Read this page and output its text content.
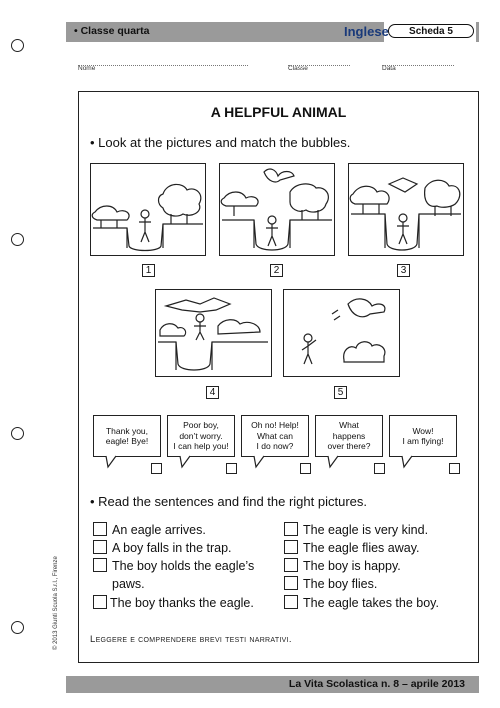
• Classe quarta	Inglese	Scheda 5
Nome	Classe	Data
A HELPFUL ANIMAL
• Look at the pictures and match the bubbles.
1	2	3
4	5
Thank you,
eagle! Bye!
Poor boy,
don’t worry.
I can help you!
Oh no! Help!
What can
I do now?
What
happens
over there?
Wow!
I am flying!
• Read the sentences and find the right pictures.
An eagle arrives.
A boy falls in the trap.
The boy holds the eagle’s
paws.
The boy thanks the eagle.
The eagle is very kind.
The eagle flies away.
The boy is happy.
The boy flies.
The eagle takes the boy.
Leggere e comprendere brevi testi narrativi.
© 2013 Giunti Scuola S.r.l., Firenze
La Vita Scolastica n. 8 – aprile 2013
